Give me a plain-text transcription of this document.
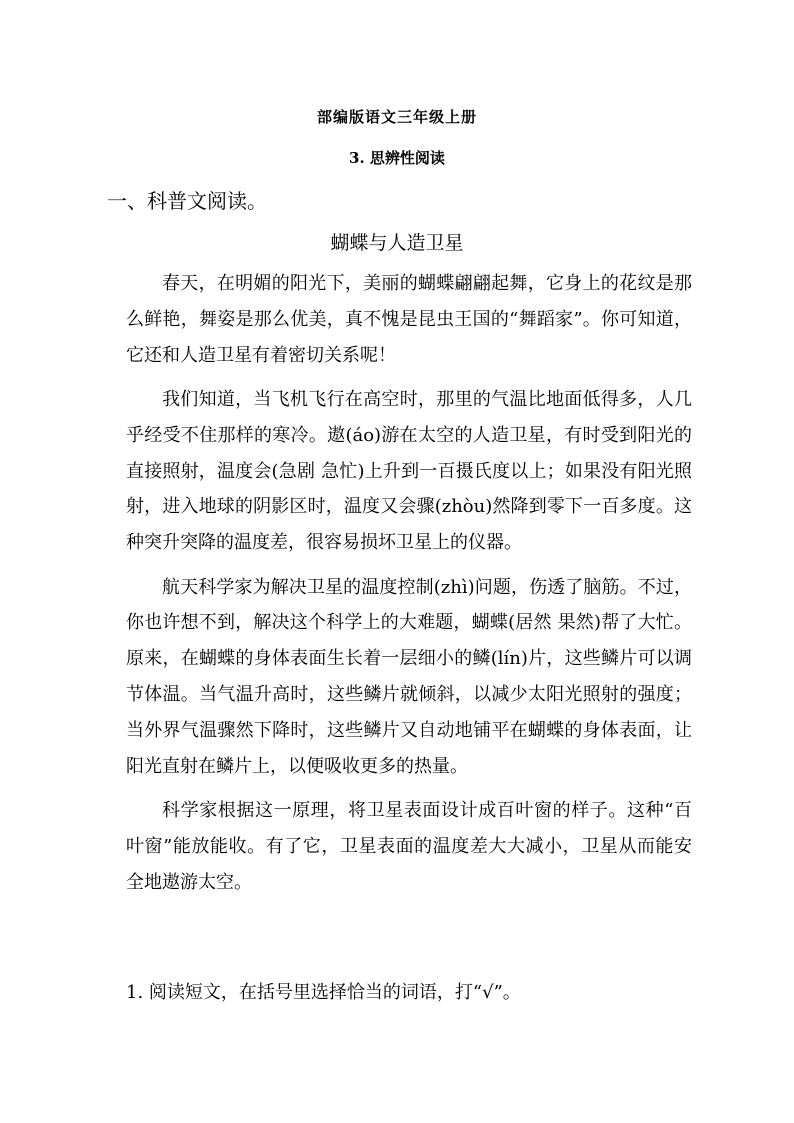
部编版语文三年级上册

3. 思辨性阅读

一、科普文阅读。

蝴蝶与人造卫星

春天，在明媚的阳光下，美丽的蝴蝶翩翩起舞，它身上的花纹是那么鲜艳，舞姿是那么优美，真不愧是昆虫王国的“舞蹈家”。你可知道，它还和人造卫星有着密切关系呢！

我们知道，当飞机飞行在高空时，那里的气温比地面低得多，人几乎经受不住那样的寒冷。遨(áo)游在太空的人造卫星，有时受到阳光的直接照射，温度会(急剧 急忙)上升到一百摄氏度以上；如果没有阳光照射，进入地球的阴影区时，温度又会骤(zhòu)然降到零下一百多度。这种突升突降的温度差，很容易损坏卫星上的仪器。

航天科学家为解决卫星的温度控制(zhì)问题，伤透了脑筋。不过，你也许想不到，解决这个科学上的大难题，蝴蝶(居然 果然)帮了大忙。原来，在蝴蝶的身体表面生长着一层细小的鳞(lín)片，这些鳞片可以调节体温。当气温升高时，这些鳞片就倾斜，以减少太阳光照射的强度；当外界气温骤然下降时，这些鳞片又自动地铺平在蝴蝶的身体表面，让阳光直射在鳞片上，以便吸收更多的热量。

科学家根据这一原理，将卫星表面设计成百叶窗的样子。这种“百叶窗”能放能收。有了它，卫星表面的温度差大大减小，卫星从而能安全地遨游太空。

1. 阅读短文，在括号里选择恰当的词语，打“√”。
